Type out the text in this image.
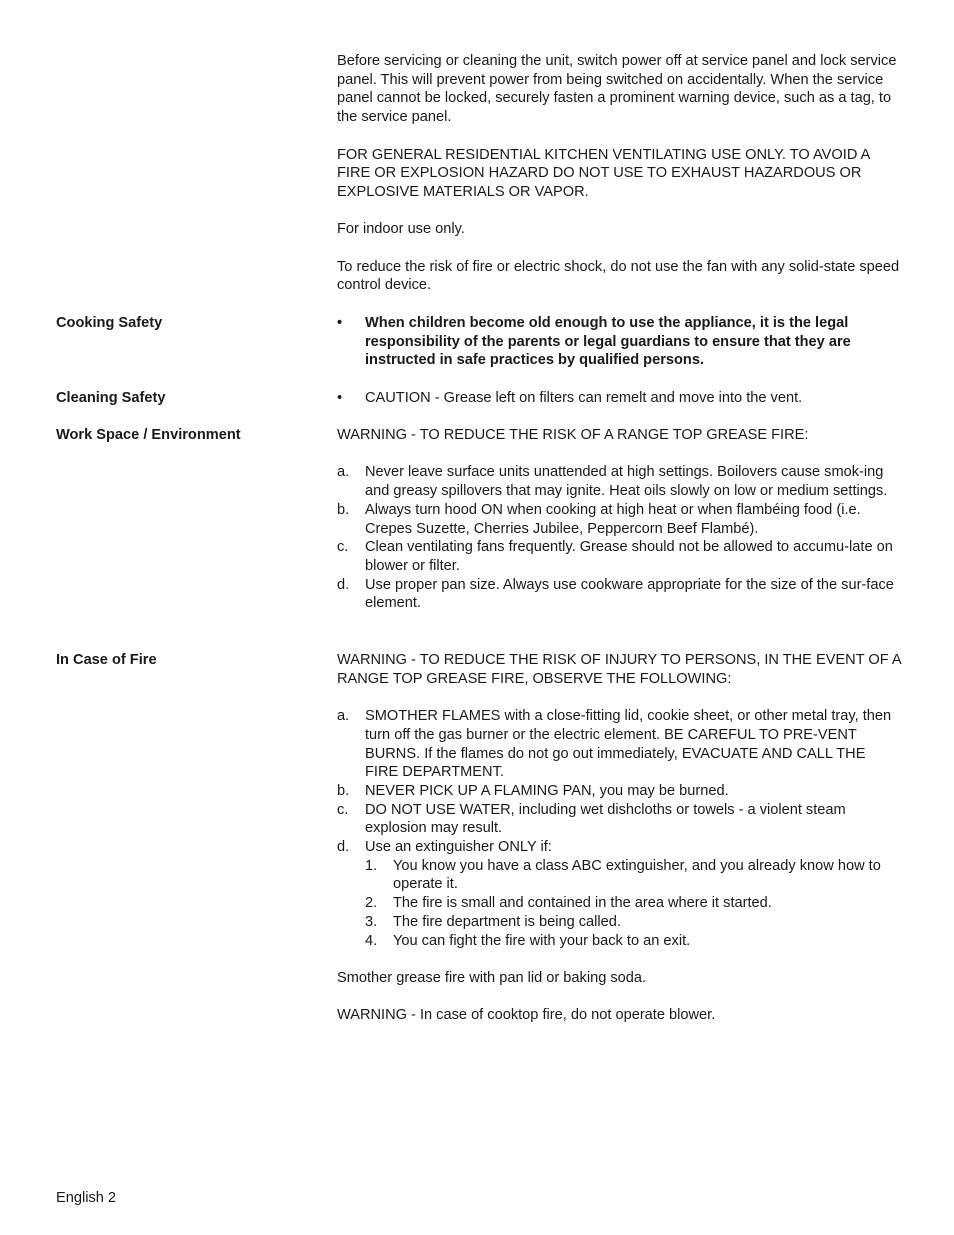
Before servicing or cleaning the unit, switch power off at service panel and lock service panel. This will prevent power from being switched on accidentally. When the service panel cannot be locked, securely fasten a prominent warning device, such as a tag, to the service panel.

FOR GENERAL RESIDENTIAL KITCHEN VENTILATING USE ONLY. TO AVOID A FIRE OR EXPLOSION HAZARD DO NOT USE TO EXHAUST HAZARDOUS OR EXPLOSIVE MATERIALS OR VAPOR.

For indoor use only.

To reduce the risk of fire or electric shock, do not use the fan with any solid-state speed control device.

Cooking Safety	• When children become old enough to use the appliance, it is the legal responsibility of the parents or legal guardians to ensure that they are instructed in safe practices by qualified persons.
Cleaning Safety	• CAUTION - Grease left on filters can remelt and move into the vent.
Work Space / Environment	WARNING - TO REDUCE THE RISK OF A RANGE TOP GREASE FIRE:

a. Never leave surface units unattended at high settings. Boilovers cause smok-ing and greasy spillovers that may ignite. Heat oils slowly on low or medium settings.
b. Always turn hood ON when cooking at high heat or when flambéing food (i.e. Crepes Suzette, Cherries Jubilee, Peppercorn Beef Flambé).
c. Clean ventilating fans frequently. Grease should not be allowed to accumu-late on blower or filter.
d. Use proper pan size. Always use cookware appropriate for the size of the sur-face element.
In Case of Fire	WARNING - TO REDUCE THE RISK OF INJURY TO PERSONS, IN THE EVENT OF A RANGE TOP GREASE FIRE, OBSERVE THE FOLLOWING:

a. SMOTHER FLAMES with a close-fitting lid, cookie sheet, or other metal tray, then turn off the gas burner or the electric element. BE CAREFUL TO PRE-VENT BURNS. If the flames do not go out immediately, EVACUATE AND CALL THE FIRE DEPARTMENT.
b. NEVER PICK UP A FLAMING PAN, you may be burned.
c. DO NOT USE WATER, including wet dishcloths or towels - a violent steam explosion may result.
d. Use an extinguisher ONLY if:
1. You know you have a class ABC extinguisher, and you already know how to operate it.
2. The fire is small and contained in the area where it started.
3. The fire department is being called.
4. You can fight the fire with your back to an exit.

Smother grease fire with pan lid or baking soda.

WARNING - In case of cooktop fire, do not operate blower.

English 2
